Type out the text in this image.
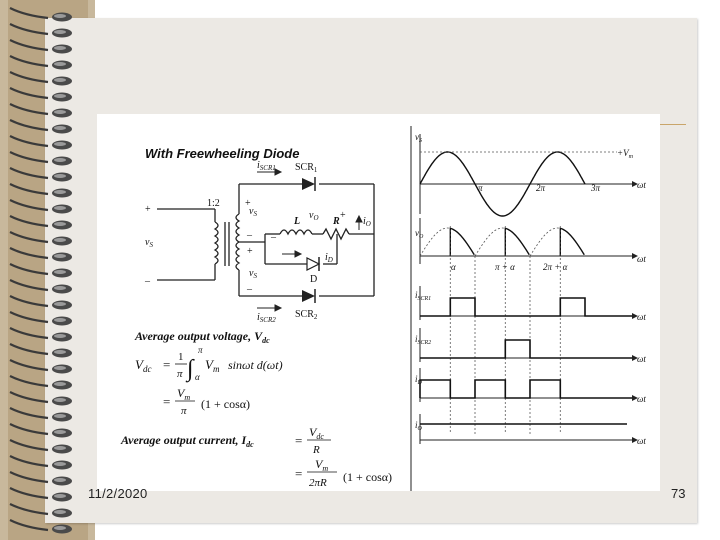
With Freewheeling Diode
1:2
+
–
$v_S$
$i_{SCR1}$ $SCR_1$
$i_{SCR2}$ $SCR_2$
+
$v_S$
–
+
$v_S$
–
–
$v_O$ +
$i_O$
L	R
$i_D$
D
Average output voltage, $V_{dc}$
$V_{dc} = 1$
π ∫
π
α
$V_m$ sinωt d(ωt)
=
$V_m$
π (1 + cosα)
Average output current, $I_{dc}$	=
$V_{dc}$
R
=
$V_m$
2πR (1 + cosα)
$v_S$
$+V_m$
ωt
π	2π	3π
$v_O$
ωt
α	π + α	2π + α
$i_{SCR1}$
ωt
$i_{SCR2}$
ωt
$i_D$
ωt
$i_O$
ωt
11/2/2020	73
